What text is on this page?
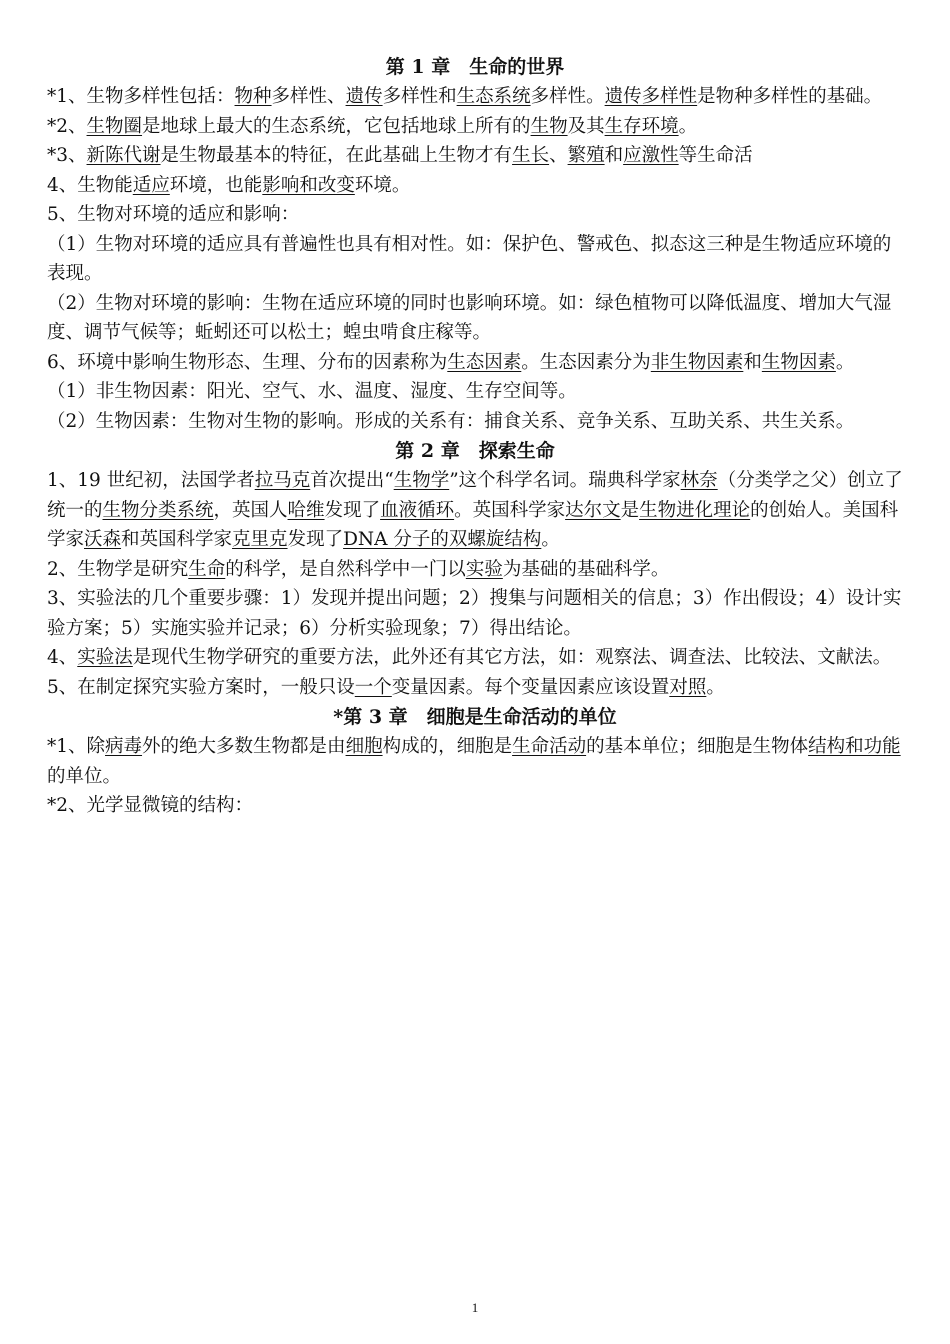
第 1 章　生命的世界
*1、生物多样性包括：物种多样性、遗传多样性和生态系统多样性。遗传多样性是物种多样性的基础。
*2、生物圈是地球上最大的生态系统，它包括地球上所有的生物及其生存环境。
*3、新陈代谢是生物最基本的特征，在此基础上生物才有生长、繁殖和应激性等生命活
4、生物能适应环境，也能影响和改变环境。
5、生物对环境的适应和影响：
（1）生物对环境的适应具有普遍性也具有相对性。如：保护色、警戒色、拟态这三种是生物适应环境的表现。
（2）生物对环境的影响：生物在适应环境的同时也影响环境。如：绿色植物可以降低温度、增加大气湿度、调节气候等；蚯蚓还可以松土；蝗虫啃食庄稼等。
6、环境中影响生物形态、生理、分布的因素称为生态因素。生态因素分为非生物因素和生物因素。
（1）非生物因素：阳光、空气、水、温度、湿度、生存空间等。
（2）生物因素：生物对生物的影响。形成的关系有：捕食关系、竞争关系、互助关系、共生关系。
第 2 章　探索生命
1、19 世纪初，法国学者拉马克首次提出“生物学”这个科学名词。瑞典科学家林奈（分类学之父）创立了统一的生物分类系统，英国人哈维发现了血液循环。英国科学家达尔文是生物进化理论的创始人。美国科学家沃森和英国科学家克里克发现了DNA 分子的双螺旋结构。
2、生物学是研究生命的科学，是自然科学中一门以实验为基础的基础科学。
3、实验法的几个重要步骤：1）发现并提出问题；2）搜集与问题相关的信息；3）作出假设；4）设计实验方案；5）实施实验并记录；6）分析实验现象；7）得出结论。
4、实验法是现代生物学研究的重要方法，此外还有其它方法，如：观察法、调查法、比较法、文献法。
5、在制定探究实验方案时，一般只设一个变量因素。每个变量因素应该设置对照。
*第 3 章　细胞是生命活动的单位
*1、除病毒外的绝大多数生物都是由细胞构成的，细胞是生命活动的基本单位；细胞是生物体结构和功能的单位。
*2、光学显微镜的结构：
1
